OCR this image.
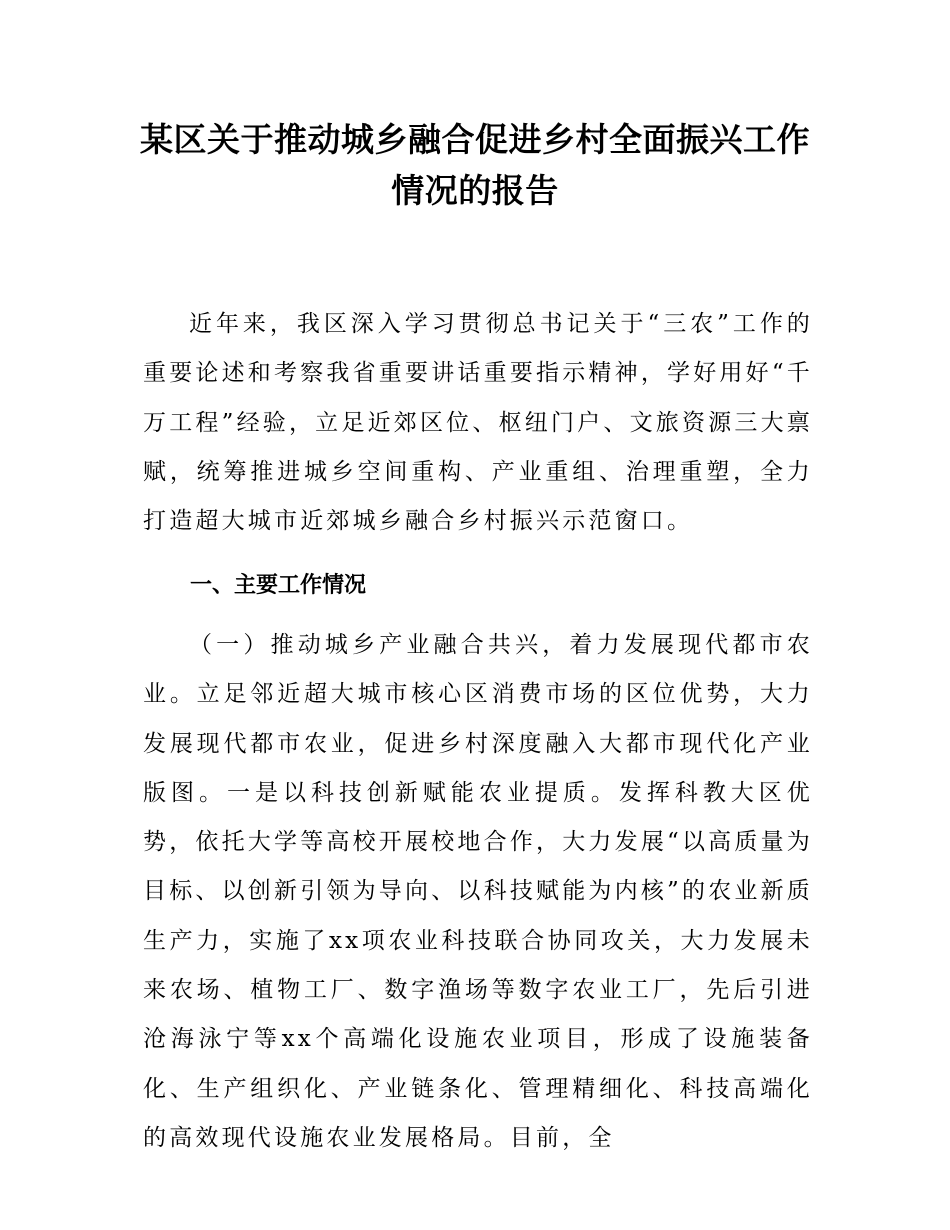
某区关于推动城乡融合促进乡村全面振兴工作情况的报告

近年来，我区深入学习贯彻总书记关于“三农”工作的重要论述和考察我省重要讲话重要指示精神，学好用好“千万工程”经验，立足近郊区位、枢纽门户、文旅资源三大禀赋，统筹推进城乡空间重构、产业重组、治理重塑，全力打造超大城市近郊城乡融合乡村振兴示范窗口。

一、主要工作情况

（一）推动城乡产业融合共兴，着力发展现代都市农业。立足邻近超大城市核心区消费市场的区位优势，大力发展现代都市农业，促进乡村深度融入大都市现代化产业版图。一是以科技创新赋能农业提质。发挥科教大区优势，依托大学等高校开展校地合作，大力发展“以高质量为目标、以创新引领为导向、以科技赋能为内核”的农业新质生产力，实施了xx项农业科技联合协同攻关，大力发展未来农场、植物工厂、数字渔场等数字农业工厂，先后引进沧海泳宁等xx个高端化设施农业项目，形成了设施装备化、生产组织化、产业链条化、管理精细化、科技高端化的高效现代设施农业发展格局。目前，全
